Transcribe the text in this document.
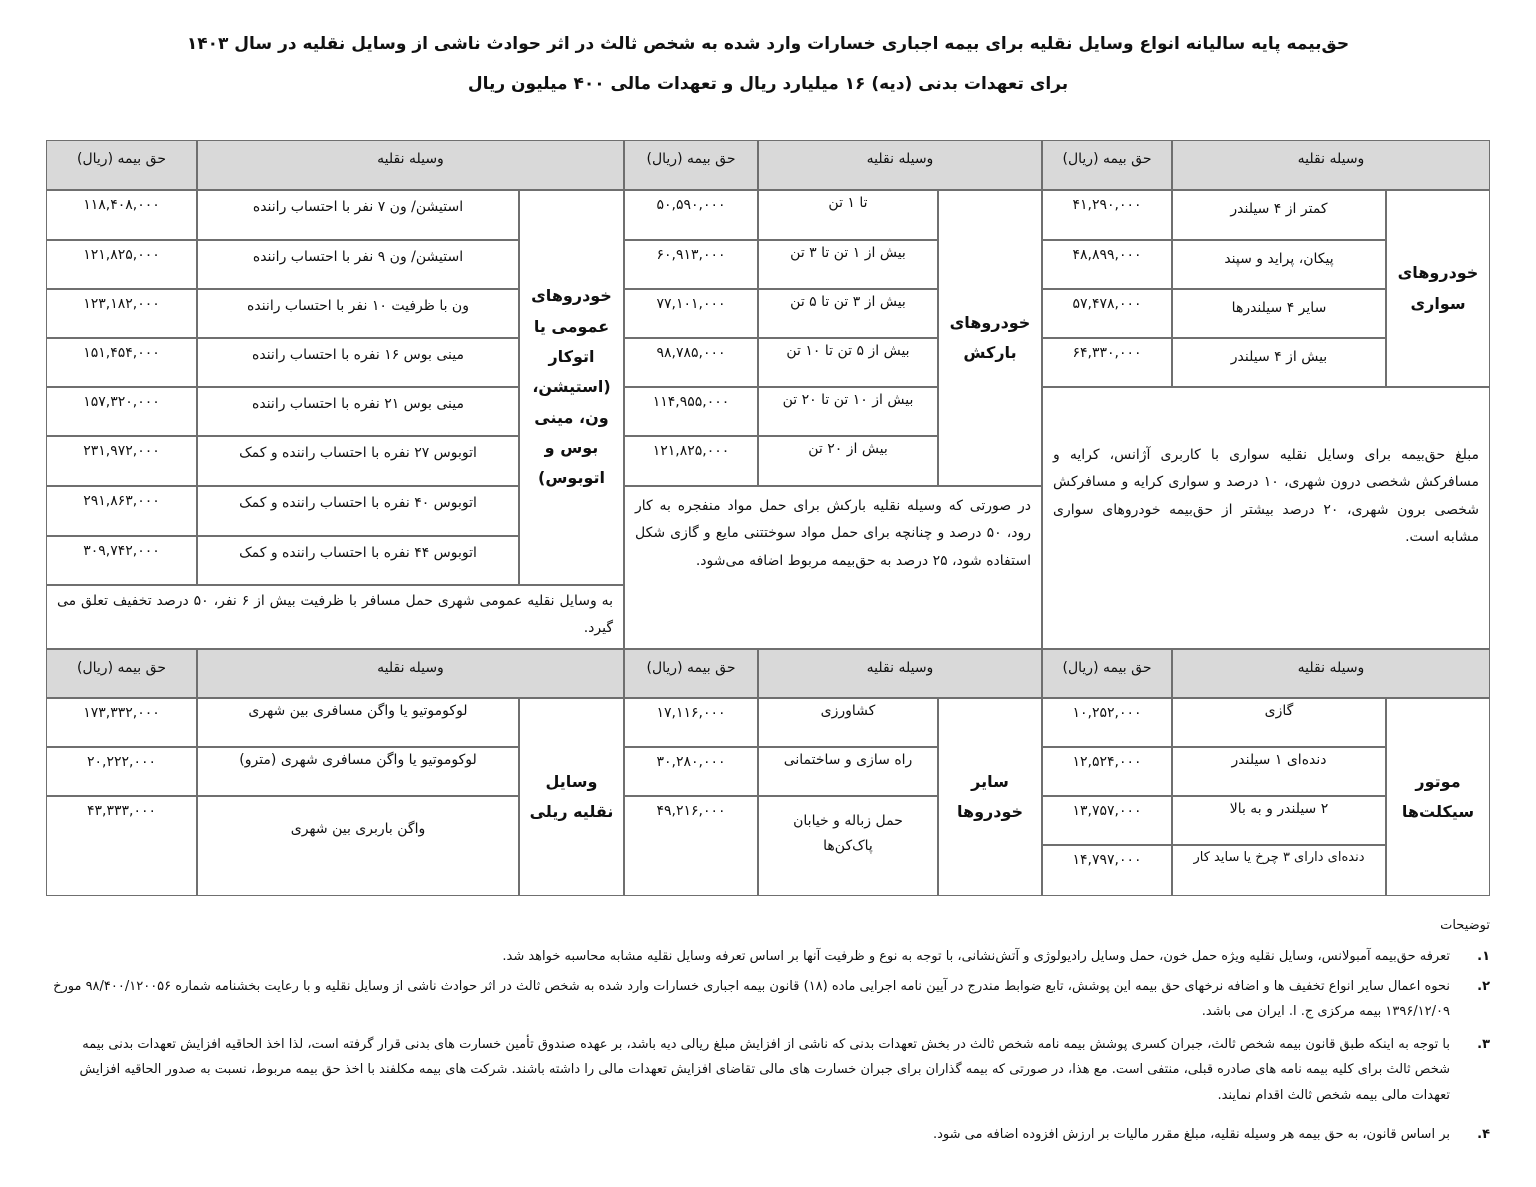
حق‌بیمه پایه سالیانه انواع وسایل نقلیه برای بیمه اجباری خسارات وارد شده به شخص ثالث در اثر حوادث ناشی از وسایل نقلیه در سال ۱۴۰۳
برای تعهدات بدنی (دیه) ۱۶ میلیارد ریال و تعهدات مالی ۴۰۰ میلیون ریال
وسیله نقلیه
حق بیمه (ریال)
وسیله نقلیه
حق بیمه (ریال)
وسیله نقلیه
حق بیمه (ریال)
خودروهای سواری
کمتر از ۴ سیلندر
پیکان، پراید و سپند
سایر ۴ سیلندرها
بیش از ۴ سیلندر
۴۱,۲۹۰,۰۰۰
۴۸,۸۹۹,۰۰۰
۵۷,۴۷۸,۰۰۰
۶۴,۳۳۰,۰۰۰
مبلغ حق‌بیمه برای وسایل نقلیه سواری با کاربری آژانس، کرایه و مسافرکش شخصی درون شهری، ۱۰ درصد و سواری کرایه و مسافرکش شخصی برون شهری، ۲۰ درصد بیشتر از حق‌بیمه خودروهای سواری مشابه است.
خودروهای بارکش
تا ۱ تن
بیش از ۱ تن تا ۳ تن
بیش از ۳ تن تا ۵ تن
بیش از ۵ تن تا ۱۰ تن
بیش از ۱۰ تن تا ۲۰ تن
بیش از ۲۰ تن
۵۰,۵۹۰,۰۰۰
۶۰,۹۱۳,۰۰۰
۷۷,۱۰۱,۰۰۰
۹۸,۷۸۵,۰۰۰
۱۱۴,۹۵۵,۰۰۰
۱۲۱,۸۲۵,۰۰۰
در صورتی که وسیله نقلیه بارکش برای حمل مواد منفجره به کار رود، ۵۰ درصد و چنانچه برای حمل مواد سوختتنی مایع و گازی شکل استفاده شود، ۲۵ درصد به حق‌بیمه مربوط اضافه می‌شود.
خودروهای عمومی یا اتوکار (استیشن، ون، مینی بوس و اتوبوس)
استیشن/ ون ۷ نفر با احتساب راننده
استیشن/ ون ۹ نفر با احتساب راننده
ون با ظرفیت ۱۰ نفر با احتساب راننده
مینی بوس ۱۶ نفره با احتساب راننده
مینی بوس ۲۱ نفره با احتساب راننده
اتوبوس ۲۷ نفره با احتساب راننده و کمک
اتوبوس ۴۰ نفره با احتساب راننده و کمک
اتوبوس ۴۴ نفره با احتساب راننده و کمک
۱۱۸,۴۰۸,۰۰۰
۱۲۱,۸۲۵,۰۰۰
۱۲۳,۱۸۲,۰۰۰
۱۵۱,۴۵۴,۰۰۰
۱۵۷,۳۲۰,۰۰۰
۲۳۱,۹۷۲,۰۰۰
۲۹۱,۸۶۳,۰۰۰
۳۰۹,۷۴۲,۰۰۰
به وسایل نقلیه عمومی شهری حمل مسافر با ظرفیت بیش از ۶ نفر، ۵۰ درصد تخفیف تعلق می گیرد.
وسیله نقلیه
حق بیمه (ریال)
وسیله نقلیه
حق بیمه (ریال)
وسیله نقلیه
حق بیمه (ریال)
موتور سیکلت‌ها
گازی
دنده‌ای ۱ سیلندر
۲ سیلندر و به بالا
دنده‌ای دارای ۳ چرخ یا ساید کار
۱۰,۲۵۲,۰۰۰
۱۲,۵۲۴,۰۰۰
۱۳,۷۵۷,۰۰۰
۱۴,۷۹۷,۰۰۰
سایر خودروها
کشاورزی
راه سازی و ساختمانی
حمل زباله و خیابان پاک‌کن‌ها
۱۷,۱۱۶,۰۰۰
۳۰,۲۸۰,۰۰۰
۴۹,۲۱۶,۰۰۰
وسایل نقلیه ریلی
لوکوموتیو یا واگن مسافری بین شهری
لوکوموتیو یا واگن مسافری شهری (مترو)
واگن باربری بین شهری
۱۷۳,۳۳۲,۰۰۰
۲۰,۲۲۲,۰۰۰
۴۳,۳۳۳,۰۰۰
توضیحات
۱.
تعرفه حق‌بیمه آمبولانس، وسایل نقلیه ویژه حمل خون، حمل وسایل رادیولوژی و آتش‌نشانی، با توجه به نوع و ظرفیت آنها بر اساس تعرفه وسایل نقلیه مشابه محاسبه خواهد شد.
۲.
نحوه اعمال سایر انواع تخفیف ها و اضافه نرخهای حق بیمه این پوشش، تابع ضوابط مندرج در آیین نامه اجرایی ماده (۱۸) قانون بیمه اجباری خسارات وارد شده به شخص ثالث در اثر حوادث ناشی از وسایل نقلیه و با رعایت بخشنامه شماره ۹۸/۴۰۰/۱۲۰۰۵۶ مورخ ۱۳۹۶/۱۲/۰۹ بیمه مرکزی ج. ا. ایران می باشد.
۳.
با توجه به اینکه طبق قانون بیمه شخص ثالث، جبران کسری پوشش بیمه نامه شخص ثالث در بخش تعهدات بدنی که ناشی از افزایش مبلغ ریالی دیه باشد، بر عهده صندوق تأمین خسارت های بدنی قرار گرفته است، لذا اخذ الحاقیه افزایش تعهدات بدنی بیمه شخص ثالث برای کلیه بیمه نامه های صادره قبلی، منتفی است. مع هذا، در صورتی که بیمه گذاران برای جبران خسارت های مالی تقاضای افزایش تعهدات مالی را داشته باشند. شرکت های بیمه مکلفند با اخذ حق بیمه مربوط، نسبت به صدور الحاقیه افزایش تعهدات مالی بیمه شخص ثالث اقدام نمایند.
۴.
بر اساس قانون، به حق بیمه هر وسیله نقلیه، مبلغ مقرر مالیات بر ارزش افزوده اضافه می شود.
